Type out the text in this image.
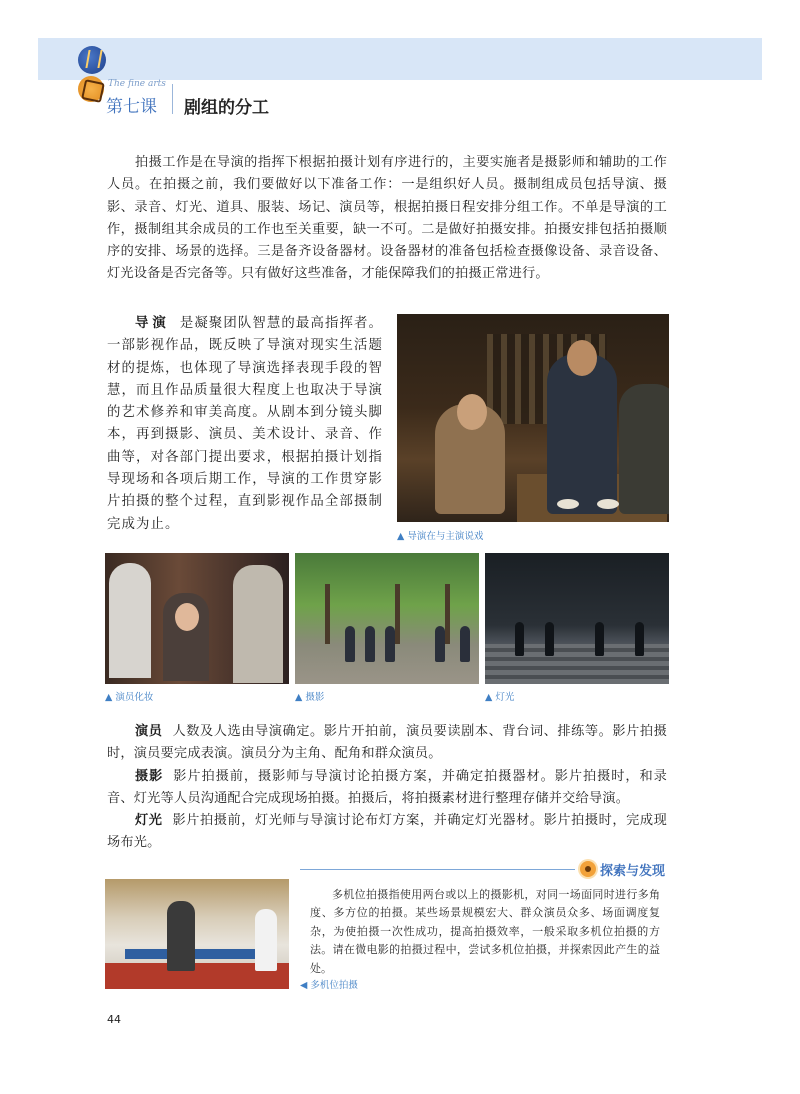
The fine arts
第七课 剧组的分工

拍摄工作是在导演的指挥下根据拍摄计划有序进行的，主要实施者是摄影师和辅助的工作人员。在拍摄之前，我们要做好以下准备工作：一是组织好人员。摄制组成员包括导演、摄影、录音、灯光、道具、服装、场记、演员等，根据拍摄日程安排分组工作。不单是导演的工作，摄制组其余成员的工作也至关重要，缺一不可。二是做好拍摄安排。拍摄安排包括拍摄顺序的安排、场景的选择。三是备齐设备器材。设备器材的准备包括检查摄像设备、录音设备、灯光设备是否完备等。只有做好这些准备，才能保障我们的拍摄正常进行。

导演 是凝聚团队智慧的最高指挥者。一部影视作品，既反映了导演对现实生活题材的提炼，也体现了导演选择表现手段的智慧，而且作品质量很大程度上也取决于导演的艺术修养和审美高度。从剧本到分镜头脚本，再到摄影、演员、美术设计、录音、作曲等，对各部门提出要求，根据拍摄计划指导现场和各项后期工作，导演的工作贯穿影片拍摄的整个过程，直到影视作品全部摄制完成为止。

▲ 导演在与主演说戏
▲ 演员化妆	▲ 摄影	▲ 灯光

演员 人数及人选由导演确定。影片开拍前，演员要读剧本、背台词、排练等。影片拍摄时，演员要完成表演。演员分为主角、配角和群众演员。

摄影 影片拍摄前，摄影师与导演讨论拍摄方案，并确定拍摄器材。影片拍摄时，和录音、灯光等人员沟通配合完成现场拍摄。拍摄后，将拍摄素材进行整理存储并交给导演。

灯光 影片拍摄前，灯光师与导演讨论布灯方案，并确定灯光器材。影片拍摄时，完成现场布光。

探索与发现

多机位拍摄指使用两台或以上的摄影机，对同一场面同时进行多角度、多方位的拍摄。某些场景规模宏大、群众演员众多、场面调度复杂，为使拍摄一次性成功，提高拍摄效率，一般采取多机位拍摄的方法。请在微电影的拍摄过程中，尝试多机位拍摄，并探索因此产生的益处。

◀ 多机位拍摄
44
